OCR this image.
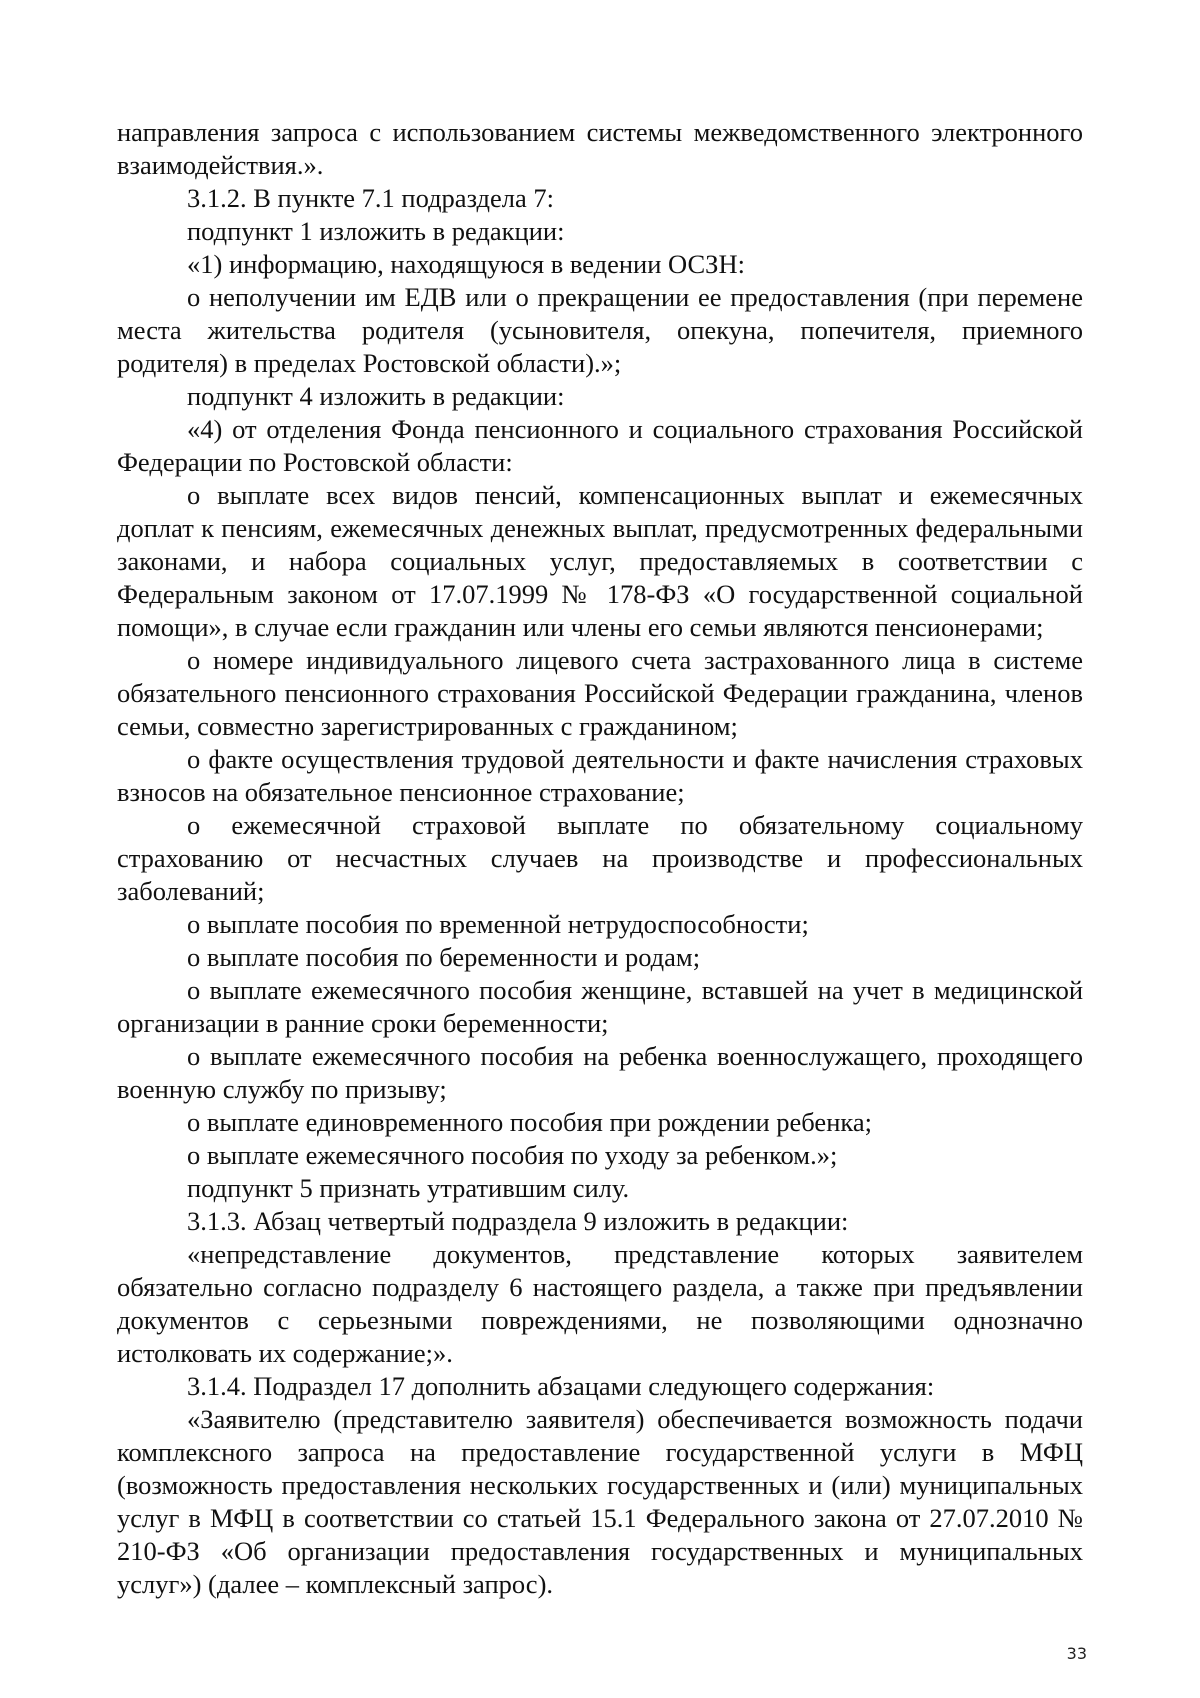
направления запроса с использованием системы межведомственного электронного взаимодействия.».

3.1.2. В пункте 7.1 подраздела 7:

подпункт 1 изложить в редакции:

«1) информацию, находящуюся в ведении ОСЗН:

о неполучении им ЕДВ или о прекращении ее предоставления (при перемене места жительства родителя (усыновителя, опекуна, попечителя, приемного родителя) в пределах Ростовской области).»;

подпункт 4 изложить в редакции:

«4) от отделения Фонда пенсионного и социального страхования Российской Федерации по Ростовской области:

о выплате всех видов пенсий, компенсационных выплат и ежемесячных доплат к пенсиям, ежемесячных денежных выплат, предусмотренных федеральными законами, и набора социальных услуг, предоставляемых в соответствии с Федеральным законом от 17.07.1999 № 178-ФЗ «О государственной социальной помощи», в случае если гражданин или члены его семьи являются пенсионерами;

о номере индивидуального лицевого счета застрахованного лица в системе обязательного пенсионного страхования Российской Федерации гражданина, членов семьи, совместно зарегистрированных с гражданином;

о факте осуществления трудовой деятельности и факте начисления страховых взносов на обязательное пенсионное страхование;

о ежемесячной страховой выплате по обязательному социальному страхованию от несчастных случаев на производстве и профессиональных заболеваний;

о выплате пособия по временной нетрудоспособности;

о выплате пособия по беременности и родам;

о выплате ежемесячного пособия женщине, вставшей на учет в медицинской организации в ранние сроки беременности;

о выплате ежемесячного пособия на ребенка военнослужащего, проходящего военную службу по призыву;

о выплате единовременного пособия при рождении ребенка;

о выплате ежемесячного пособия по уходу за ребенком.»;

подпункт 5 признать утратившим силу.

3.1.3. Абзац четвертый подраздела 9 изложить в редакции:

«непредставление документов, представление которых заявителем обязательно согласно подразделу 6 настоящего раздела, а также при предъявлении документов с серьезными повреждениями, не позволяющими однозначно истолковать их содержание;».

3.1.4. Подраздел 17 дополнить абзацами следующего содержания:

«Заявителю (представителю заявителя) обеспечивается возможность подачи комплексного запроса на предоставление государственной услуги в МФЦ (возможность предоставления нескольких государственных и (или) муниципальных услуг в МФЦ в соответствии со статьей 15.1 Федерального закона от 27.07.2010 № 210-ФЗ «Об организации предоставления государственных и муниципальных услуг») (далее – комплексный запрос).

33
